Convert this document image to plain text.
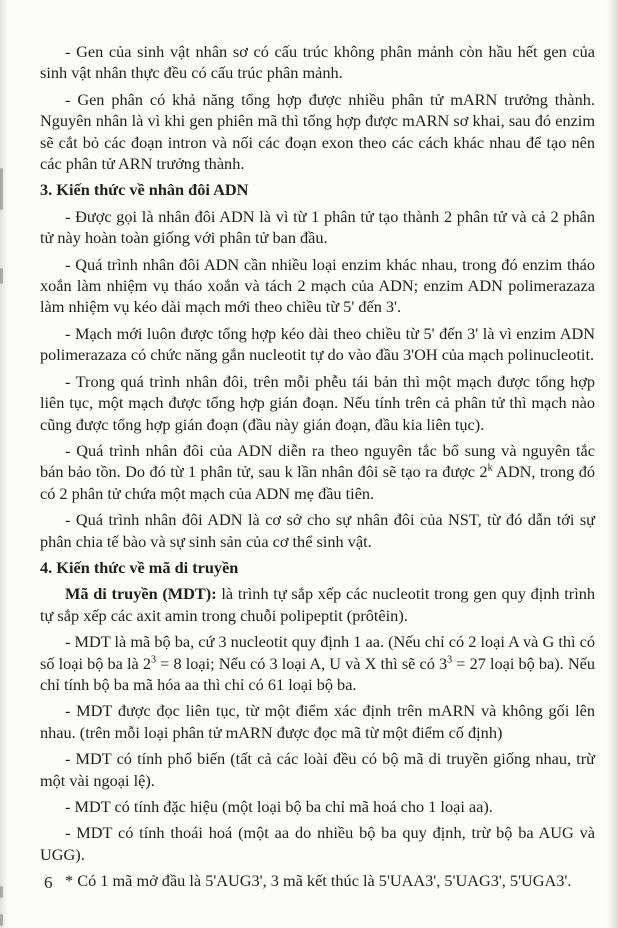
- Gen của sinh vật nhân sơ có cấu trúc không phân mảnh còn hầu hết gen của sinh vật nhân thực đều có cấu trúc phân mảnh.
- Gen phân có khả năng tổng hợp được nhiều phân tử mARN trưởng thành. Nguyên nhân là vì khi gen phiên mã thì tổng hợp được mARN sơ khai, sau đó enzim sẽ cắt bỏ các đoạn intron và nối các đoạn exon theo các cách khác nhau để tạo nên các phân tử ARN trưởng thành.
3. Kiến thức về nhân đôi ADN
- Được gọi là nhân đôi ADN là vì từ 1 phân tử tạo thành 2 phân tử và cả 2 phân tử này hoàn toàn giống với phân tử ban đầu.
- Quá trình nhân đôi ADN cần nhiều loại enzim khác nhau, trong đó enzim tháo xoắn làm nhiệm vụ tháo xoắn và tách 2 mạch của ADN; enzim ADN polimerazaza làm nhiệm vụ kéo dài mạch mới theo chiều từ 5' đến 3'.
- Mạch mới luôn được tổng hợp kéo dài theo chiều từ 5' đến 3' là vì enzim ADN polimerazaza có chức năng gắn nucleotit tự do vào đầu 3'OH của mạch polinucleotit.
- Trong quá trình nhân đôi, trên mỗi phễu tái bản thì một mạch được tổng hợp liên tục, một mạch được tổng hợp gián đoạn. Nếu tính trên cả phân tử thì mạch nào cũng được tổng hợp gián đoạn (đầu này gián đoạn, đầu kia liên tục).
- Quá trình nhân đôi của ADN diễn ra theo nguyên tắc bổ sung và nguyên tắc bán bảo tồn. Do đó từ 1 phân tử, sau k lần nhân đôi sẽ tạo ra được 2$^k$ ADN, trong đó có 2 phân tử chứa một mạch của ADN mẹ đầu tiên.
- Quá trình nhân đôi ADN là cơ sở cho sự nhân đôi của NST, từ đó dẫn tới sự phân chia tế bào và sự sinh sản của cơ thể sinh vật.
4. Kiến thức về mã di truyền
Mã di truyền (MDT): là trình tự sắp xếp các nucleotit trong gen quy định trình tự sắp xếp các axit amin trong chuỗi polipeptit (prôtêin).
- MDT là mã bộ ba, cứ 3 nucleotit quy định 1 aa. (Nếu chỉ có 2 loại A và G thì có số loại bộ ba là $2^3 = 8$ loại; Nếu có 3 loại A, U và X thì sẽ có $3^3 = 27$ loại bộ ba). Nếu chỉ tính bộ ba mã hóa aa thì chỉ có 61 loại bộ ba.
- MDT được đọc liên tục, từ một điểm xác định trên mARN và không gối lên nhau. (trên mỗi loại phân tử mARN được đọc mã từ một điểm cố định)
- MDT có tính phổ biến (tất cả các loài đều có bộ mã di truyền giống nhau, trừ một vài ngoại lệ).
- MDT có tính đặc hiệu (một loại bộ ba chỉ mã hoá cho 1 loại aa).
- MDT có tính thoái hoá (một aa do nhiều bộ ba quy định, trừ bộ ba AUG và UGG).
* Có 1 mã mở đầu là 5'AUG3', 3 mã kết thúc là 5'UAA3', 5'UAG3', 5'UGA3'.
6
